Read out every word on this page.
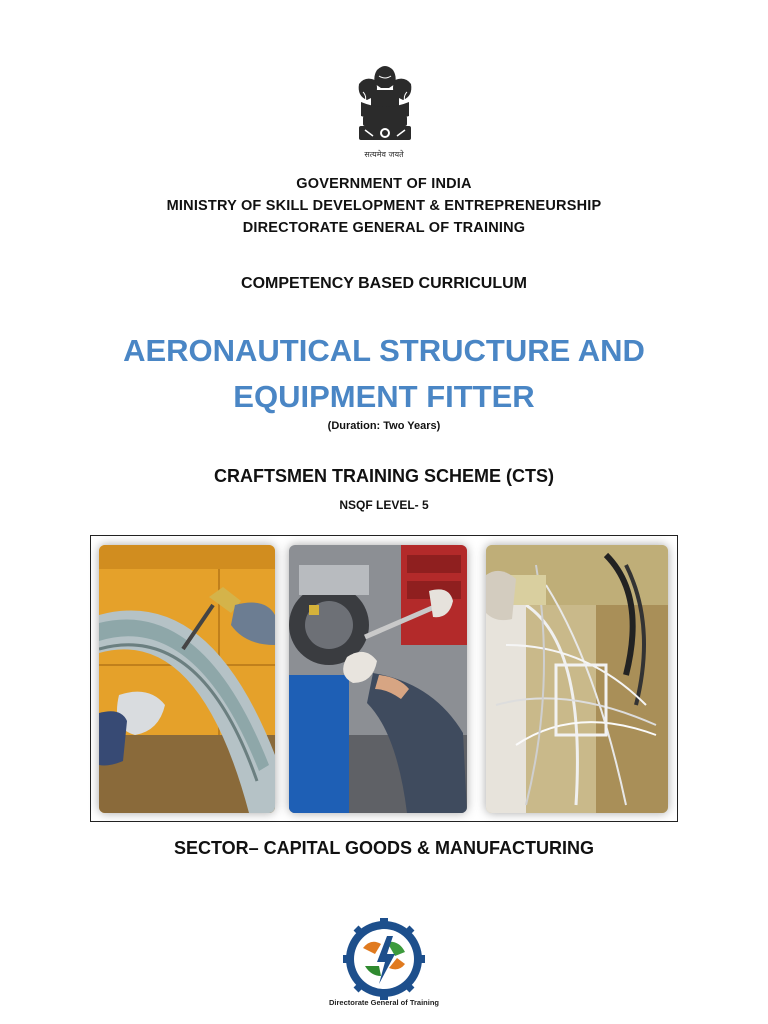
सत्यमेव जयते
GOVERNMENT OF INDIA
MINISTRY OF SKILL DEVELOPMENT & ENTREPRENEURSHIP
DIRECTORATE GENERAL OF TRAINING
COMPETENCY BASED CURRICULUM
AERONAUTICAL STRUCTURE AND
EQUIPMENT FITTER
(Duration: Two Years)
CRAFTSMEN TRAINING SCHEME (CTS)
NSQF LEVEL- 5
SECTOR– CAPITAL GOODS & MANUFACTURING
Directorate General of Training
